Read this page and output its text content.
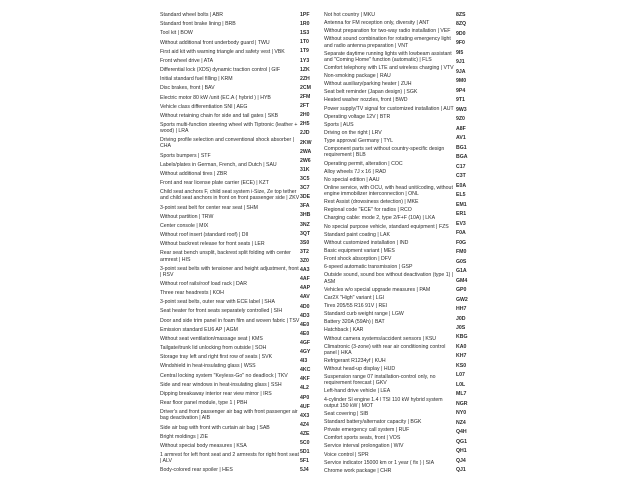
Standard wheel bolts | ABR
Standard front brake lining | BRB
Tool kit | BOW
Without additional front underbody guard | TWU
First aid kit with warning triangle and safety vest | VBK
Front wheel drive | ATA
Differential lock (XDS) dynamic traction control | GIF
Initial standard fuel filling | KRM
Disc brakes, front | BAV
Electric motor 80 kW /unit (EC.A ( hybrid ) | HYB
Vehicle class differentiation SNI | AEG
Without retaining chain for side and tail gates | SKB
Sports multi-function steering wheel with Tiptronic (leather + wood) | LRA
Driving profile selection and conventional shock absorber | CHA
Sports bumpers | STF
Labels/plates in German, French, and Dutch | SAU
Without additional tires | ZBR
Front and rear license plate carrier (ECE) | KZT
Child seat anchors F, child seat system i-Size, Ze top tether and child seat anchors in front on front passenger side | ZKV
3-point seat belt for center rear seat | SHM
Without partition | TRW
Center console | MIX
Without roof insert (standard roof) | DII
Without backrest release for front seats | LER
Rear seat bench unsplit, backrest split folding with center armrest | HIS
3-point seat belts with tensioner and height adjustment, front | RSV
Without roof rails/roof load rack | DAR
Three rear headrests | KOH
3-point seat belts, outer rear with ECE label | SHA
Seat heater for front seats separately controlled | SIH
Door and side trim panel in foam film and woven fabric | TSV
Emission standard EU6 AP | AGM
Without seat ventilation/massage seat | KMS
Tailgate/trunk lid unlocking from outside | SOH
Storage tray left and right first row of seats | SVK
Windshield in heat-insulating glass | WSS
Central locking system "Keyless-Go" no deadlock | TKV
Side and rear windows in heat-insulating glass | SSH
Dipping breakaway interior rear view mirror | IRS
Rear floor panel module, type 1 | PBH
Driver's and front passenger air bag with front passenger air bag deactivation | AIB
Side air bag with front with curtain air bag | SAB
Bright moldings | ZIE
Without special body measures | KSA
1 armrest for left front seat and 2 armrests for right front seat | ALV
Body-colored rear spoiler | HES
1PF
1R0
1S3
1T0
1T9
1Y3
1ZK
2ZH
2CM
2FM
2FT
2H0
2H5
2JD
2KW
2WA
2W6
31K
3C5
3C7
3DE
3FA
3HB
3NZ
3QT
3S0
3T2
3Z0
4A3
4AF
4AP
4AV
4D0
4D3
4E0
4E0
4GF
4GY
4I3
4KC
4KF
4L2
4P0
4UF
4X3
4Z4
4ZE
5C0
5D1
5F1
5J4
Not hot country | MKU
Antenna for FM reception only, diversity | ANT
Without preparation for two-way radio installation | VEF
Without sound combination for rotating emergency light and radio antenna preparation | VNT
Separate daytime running lights with lowbeam assistant and "Coming Home" function (automatic) | FLS
Comfort telephony with LTE and wireless charging | VTV
Non-smoking package | RAU
Without auxiliary/parking heater | ZUH
Seat belt reminder (Japan design) | SGK
Heated washer nozzles, front | BWD
Power supply/TV signal for customized installation | AUT
Operating voltage 12V | BTR
Sports | AUS
Driving on the right | LRV
Type approval Germany | TYL
Component parts set without country-specific design requirement | BLB
Operating permit, alteration | COC
Alloy wheels 7J x 16 | RAD
No special edition | AAU
Online service, with OCU, with head unit/coding, without engine immobilizer interconnection | ONL
Rest Assist (drowsiness detection) | MKE
Regional code "ECE" for radios | RCO
Charging cable: mode 2, type 2/F+F (10A) | LKA
No special purpose vehicle, standard equipment | FZS
Standard paint coating | LAK
Without customized installation | IND
Basic equipment variant | MES
Front shock absorption | DFV
6-speed automatic transmission | GSP
Outside sound, sound box without deactivation (type 1) | ASM
Vehicles w/o special upgrade measures | PAM
Car2X "High" variant | LGI
Tires 205/55 R16 91V | REI
Standard curb weight range | LGW
Battery 320A (59Ah) | BAT
Hatchback | KAR
Without camera systems/accident sensors | KSU
Climatronic (3-zone) with rear air conditioning control panel | HKA
Refrigerant R1234yf | KUH
Without head-up display | HUD
Suspension range 07 installation-control only, no requirement forecast | GKV
Left-hand drive vehicle | LEA
4-cylinder SI engine 1.4 l TSI 110 kW hybrid system output 150 kW | MOT
Seat covering | SIB
Standard battery/alternator capacity | BGK
Private emergency call system | RUF
Comfort sports seats, front | VOS
Service interval prolongation | WIV
Voice control | SPR
Service indicator 15000 km or 1 year ( fix ) | SIA
Chrome work package | CHR
8ZS
8ZQ
9D0
9F0
9I5
9J1
9JA
9M0
9P4
9T1
9W3
9Z0
A8F
AV1
BG1
BGA
C17
C3T
E0A
EL5
EM1
ER1
EV3
F0A
F0G
FM0
G0S
G1A
GM4
GP0
GW2
HH7
J0D
J0S
KBG
KA0
KH7
KS0
L07
L0L
ML7
NGR
NY0
NZ4
Q4H
QG1
QH1
QJ4
QJ1
